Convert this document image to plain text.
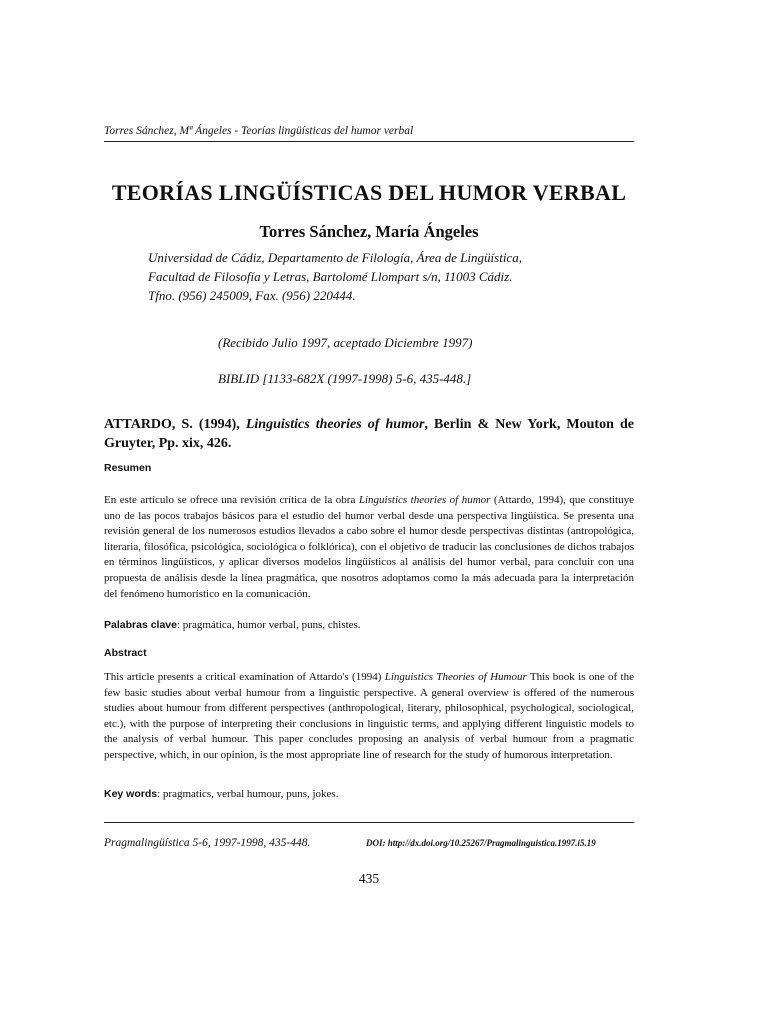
Torres Sánchez, Mª Ángeles - Teorías lingüísticas del humor verbal
TEORÍAS LINGÜÍSTICAS DEL HUMOR VERBAL
Torres Sánchez, María Ángeles
Universidad de Cádiz, Departamento de Filología, Área de Lingüística,
Facultad de Filosofía y Letras, Bartolomé Llompart s/n, 11003 Cádiz.
Tfno. (956) 245009, Fax. (956) 220444.
(Recibido Julio 1997, aceptado Diciembre 1997)
BIBLID [1133-682X (1997-1998) 5-6, 435-448.]
ATTARDO, S. (1994), Linguistics theories of humor, Berlin & New York, Mouton de Gruyter, Pp. xix, 426.
Resumen
En este artículo se ofrece una revisión crítica de la obra Linguistics theories of humor (Attardo, 1994), que constituye uno de las pocos trabajos básicos para el estudio del humor verbal desde una perspectiva lingüística. Se presenta una revisión general de los numerosos estudios llevados a cabo sobre el humor desde perspectivas distintas (antropológica, literaria, filosófica, psicológica, sociológica o folklórica), con el objetivo de traducir las conclusiones de dichos trabajos en términos lingüísticos, y aplicar diversos modelos lingüísticos al análisis del humor verbal, para concluir con una propuesta de análisis desde la línea pragmática, que nosotros adoptamos como la más adecuada para la interpretación del fenómeno humorístico en la comunicación.
Palabras clave: pragmática, humor verbal, puns, chistes.
Abstract
This article presents a critical examination of Attardo's (1994) Linguistics Theories of Humour This book is one of the few basic studies about verbal humour from a linguistic perspective. A general overview is offered of the numerous studies about humour from different perspectives (anthropological, literary, philosophical, psychological, sociological, etc.), with the purpose of interpreting their conclusions in linguistic terms, and applying different linguistic models to the analysis of verbal humour. This paper concludes proposing an analysis of verbal humour from a pragmatic perspective, which, in our opinion, is the most appropriate line of research for the study of humorous interpretation.
Key words: pragmatics, verbal humour, puns, jokes.
Pragmalingüística 5-6, 1997-1998, 435-448.	DOI: http://dx.doi.org/10.25267/Pragmalinguistica.1997.i5.19
435
